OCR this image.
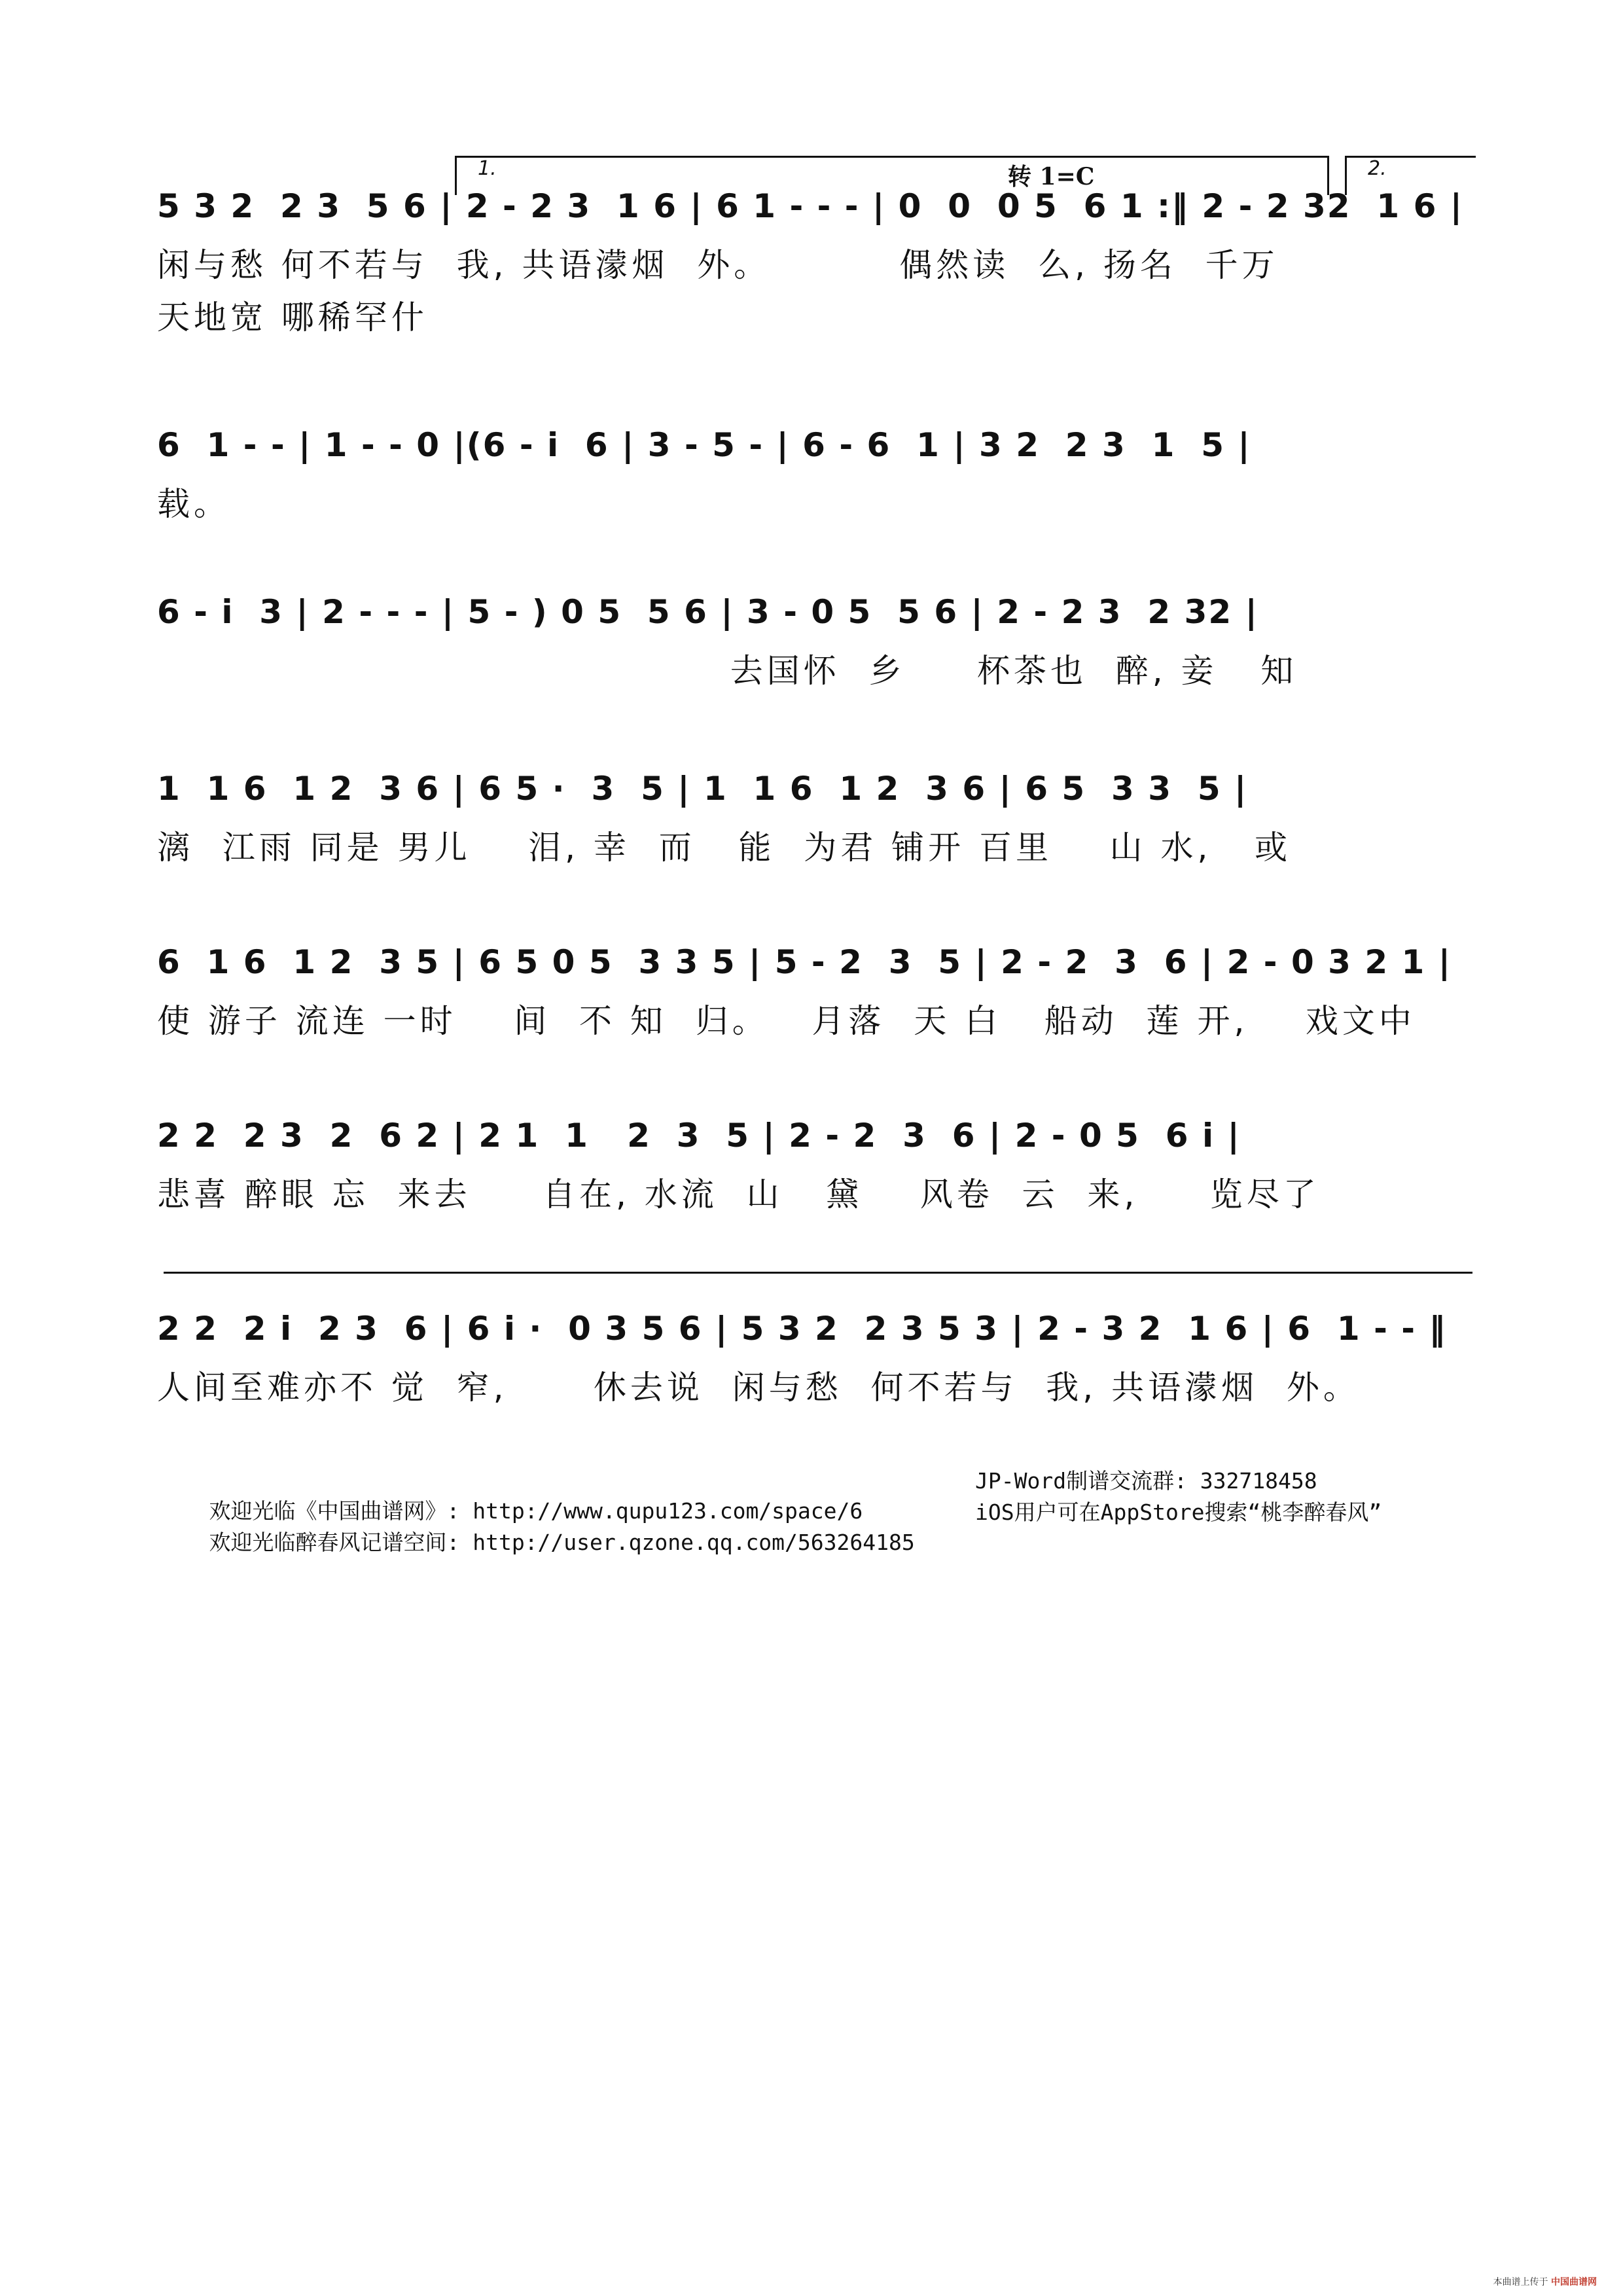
1.	2.
转 1=C
5 3 2  2 3  5 6 | 2 - 2 3  1 6 | 6 1 - - - | 0  0  0 5  6 1 :‖ 2 - 2 32  1 6 |
闲与愁 何不若与  我, 共语濛烟  外。         偶然读  么, 扬名  千万
天地宽 哪稀罕什
6  1 - - | 1 - - 0 |(6 - i  6 | 3 - 5 - | 6 - 6  1 | 3 2  2 3  1  5 |
载。
6 - i  3 | 2 - - - | 5 - ) 0 5  5 6 | 3 - 0 5  5 6 | 2 - 2 3  2 32 |
去国怀  乡     杯茶也  醉, 妾   知
1  1 6  1 2  3 6 | 6 5 ·  3  5 | 1  1 6  1 2  3 6 | 6 5  3 3  5 |
漓  江雨 同是 男儿    泪, 幸  而   能  为君 铺开 百里    山 水,   或
6  1 6  1 2  3 5 | 6 5 0 5  3 3 5 | 5 - 2  3  5 | 2 - 2  3  6 | 2 - 0 3 2 1 |
使 游子 流连 一时    间  不 知  归。   月落  天 白   船动  莲 开,    戏文中
2 2  2 3  2  6 2 | 2 1  1   2  3  5 | 2 - 2  3  6 | 2 - 0 5  6 i |
悲喜 醉眼 忘  来去     自在, 水流  山   黛    风卷  云  来,     览尽了
2 2  2 i  2 3  6 | 6 i ·  0 3 5 6 | 5 3 2  2 3 5 3 | 2 - 3 2  1 6 | 6  1 - - ‖
人间至难亦不 觉  窄,      休去说  闲与愁  何不若与  我, 共语濛烟  外。

欢迎光临《中国曲谱网》: http://www.qupu123.com/space/6

JP-Word制谱交流群: 332718458

欢迎光临醉春风记谱空间: http://user.qzone.qq.com/563264185

iOS用户可在AppStore搜索“桃李醉春风”

本曲谱上传于 中国曲谱网
